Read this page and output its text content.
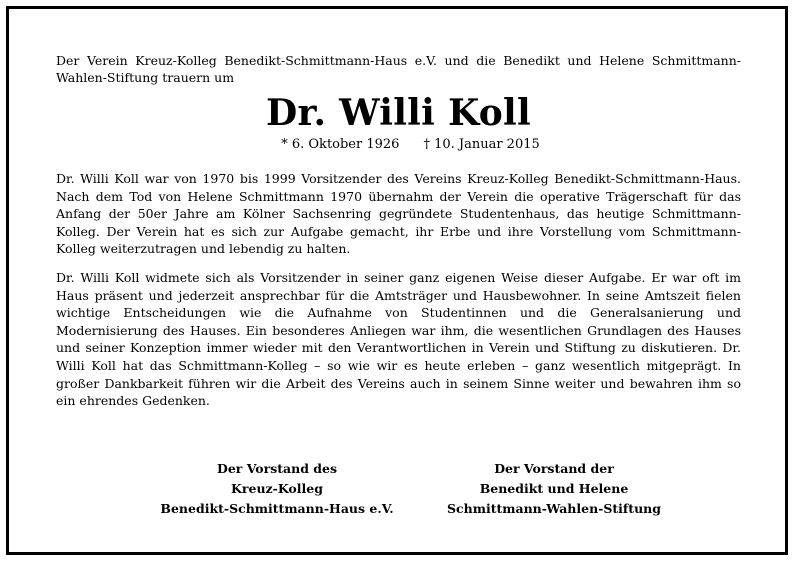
Der Verein Kreuz-Kolleg Benedikt-Schmittmann-Haus e.V. und die Benedikt und Helene Schmittmann-Wahlen-Stiftung trauern um

Dr. Willi Koll

* 6. Oktober 1926 † 10. Januar 2015

Dr. Willi Koll war von 1970 bis 1999 Vorsitzender des Vereins Kreuz-Kolleg Benedikt-Schmittmann-Haus. Nach dem Tod von Helene Schmittmann 1970 übernahm der Verein die operative Trägerschaft für das Anfang der 50er Jahre am Kölner Sachsenring gegründete Studentenhaus, das heutige Schmittmann-Kolleg. Der Verein hat es sich zur Aufgabe gemacht, ihr Erbe und ihre Vorstellung vom Schmittmann-Kolleg weiterzutragen und lebendig zu halten.

Dr. Willi Koll widmete sich als Vorsitzender in seiner ganz eigenen Weise dieser Aufgabe. Er war oft im Haus präsent und jederzeit ansprechbar für die Amtsträger und Hausbewohner. In seine Amtszeit fielen wichtige Entscheidungen wie die Aufnahme von Studentinnen und die Generalsanierung und Modernisierung des Hauses. Ein besonderes Anliegen war ihm, die wesentlichen Grundlagen des Hauses und seiner Konzeption immer wieder mit den Verantwortlichen in Verein und Stiftung zu diskutieren. Dr. Willi Koll hat das Schmittmann-Kolleg – so wie wir es heute erleben – ganz wesentlich mitgeprägt. In großer Dankbarkeit führen wir die Arbeit des Vereins auch in seinem Sinne weiter und bewahren ihm so ein ehrendes Gedenken.

Der Vorstand des
Kreuz-Kolleg
Benedikt-Schmittmann-Haus e.V.
Der Vorstand der
Benedikt und Helene
Schmittmann-Wahlen-Stiftung
